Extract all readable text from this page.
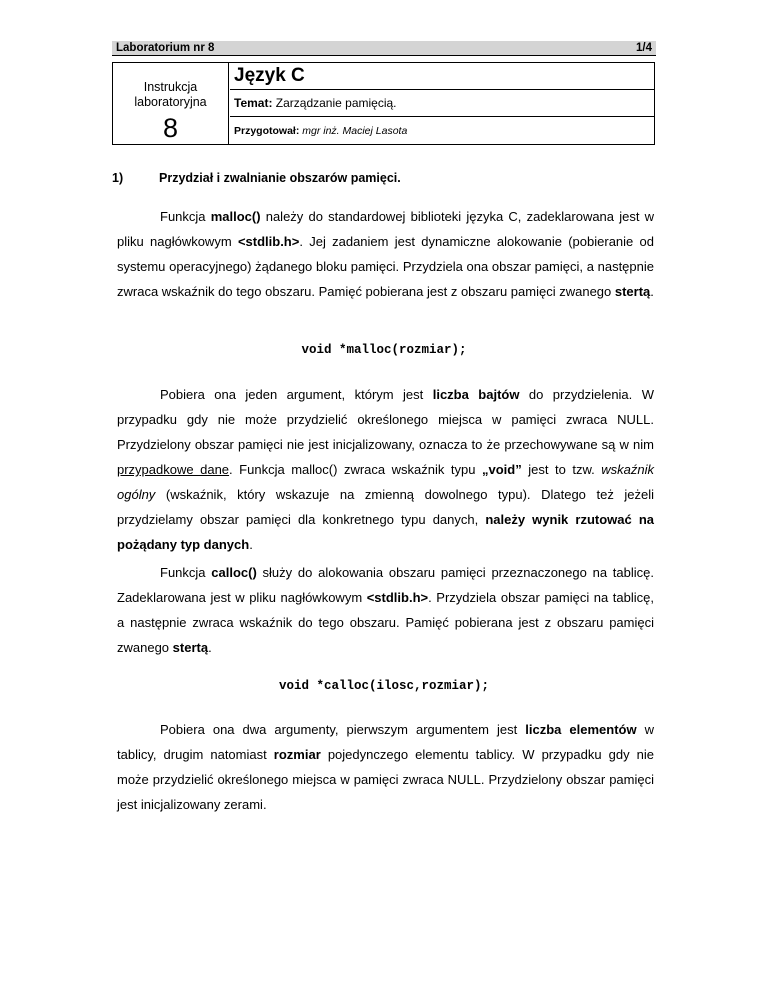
Laboratorium nr 8	1/4
Instrukcja
laboratoryjna
8
Język C
Temat: Zarządzanie pamięcią.
Przygotował: mgr inż. Maciej Lasota
1)	Przydział i zwalnianie obszarów pamięci.
Funkcja malloc() należy do standardowej biblioteki języka C, zadeklarowana jest w pliku nagłówkowym <stdlib.h>. Jej zadaniem jest dynamiczne alokowanie (pobieranie od systemu operacyjnego) żądanego bloku pamięci. Przydziela ona obszar pamięci, a następnie zwraca wskaźnik do tego obszaru. Pamięć pobierana jest z obszaru pamięci zwanego stertą.
void *malloc(rozmiar);
Pobiera ona jeden argument, którym jest liczba bajtów do przydzielenia. W przypadku gdy nie może przydzielić określonego miejsca w pamięci zwraca NULL. Przydzielony obszar pamięci nie jest inicjalizowany, oznacza to że przechowywane są w nim przypadkowe dane. Funkcja malloc() zwraca wskaźnik typu „void” jest to tzw. wskaźnik ogólny (wskaźnik, który wskazuje na zmienną dowolnego typu). Dlatego też jeżeli przydzielamy obszar pamięci dla konkretnego typu danych, należy wynik rzutować na pożądany typ danych.
Funkcja calloc() służy do alokowania obszaru pamięci przeznaczonego na tablicę. Zadeklarowana jest w pliku nagłówkowym <stdlib.h>. Przydziela obszar pamięci na tablicę, a następnie zwraca wskaźnik do tego obszaru. Pamięć pobierana jest z obszaru pamięci zwanego stertą.
void *calloc(ilosc,rozmiar);
Pobiera ona dwa argumenty, pierwszym argumentem jest liczba elementów w tablicy, drugim natomiast rozmiar pojedynczego elementu tablicy. W przypadku gdy nie może przydzielić określonego miejsca w pamięci zwraca NULL. Przydzielony obszar pamięci jest inicjalizowany zerami.
